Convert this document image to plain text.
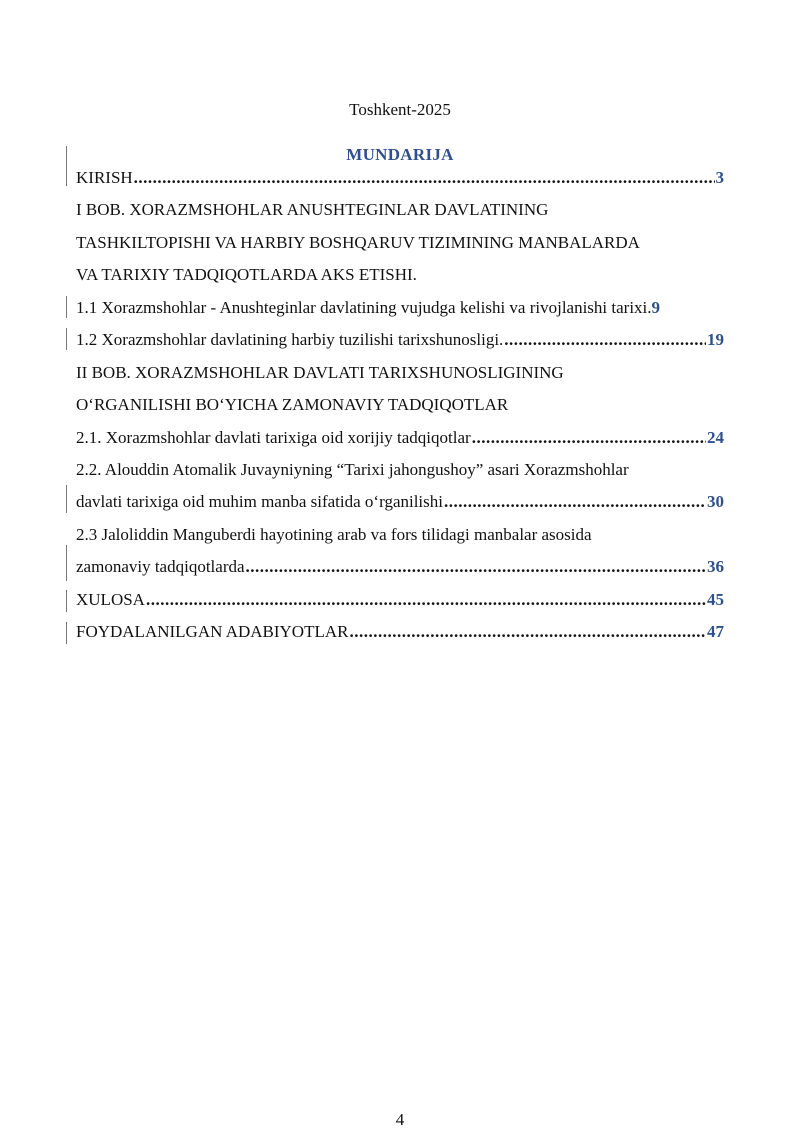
Toshkent-2025
MUNDARIJA
KIRISH .....	3
I BOB. XORAZMSHOHLAR ANUSHTEGINLAR DAVLATINING
TASHKILTOPISHI VA HARBIY BOSHQARUV TIZIMINING MANBALARDA
VA TARIXIY TADQIQOTLARDA AKS ETISHI.
1.1 Xorazmshohlar - Anushteginlar davlatining vujudga kelishi va rivojlanishi tarixi. 9
1.2 Xorazmshohlar davlatining harbiy tuzilishi tarixshunosligi. .....	19
II BOB. XORAZMSHOHLAR DAVLATI TARIXSHUNOSLIGINING
O‘RGANILISHI BO‘YICHA ZAMONAVIY TADQIQOTLAR
2.1. Xorazmshohlar davlati tarixiga oid xorijiy tadqiqotlar .....	24
2.2. Alouddin Atomalik Juvayniyning “Tarixi jahongushoy” asari Xorazmshohlar
davlati tarixiga oid muhim manba sifatida o‘rganilishi .....	30
2.3 Jaloliddin Manguberdi hayotining arab va fors tilidagi manbalar asosida
zamonaviy tadqiqotlarda .....	36
XULOSA .....	45
FOYDALANILGAN ADABIYOTLAR .....	47
4
